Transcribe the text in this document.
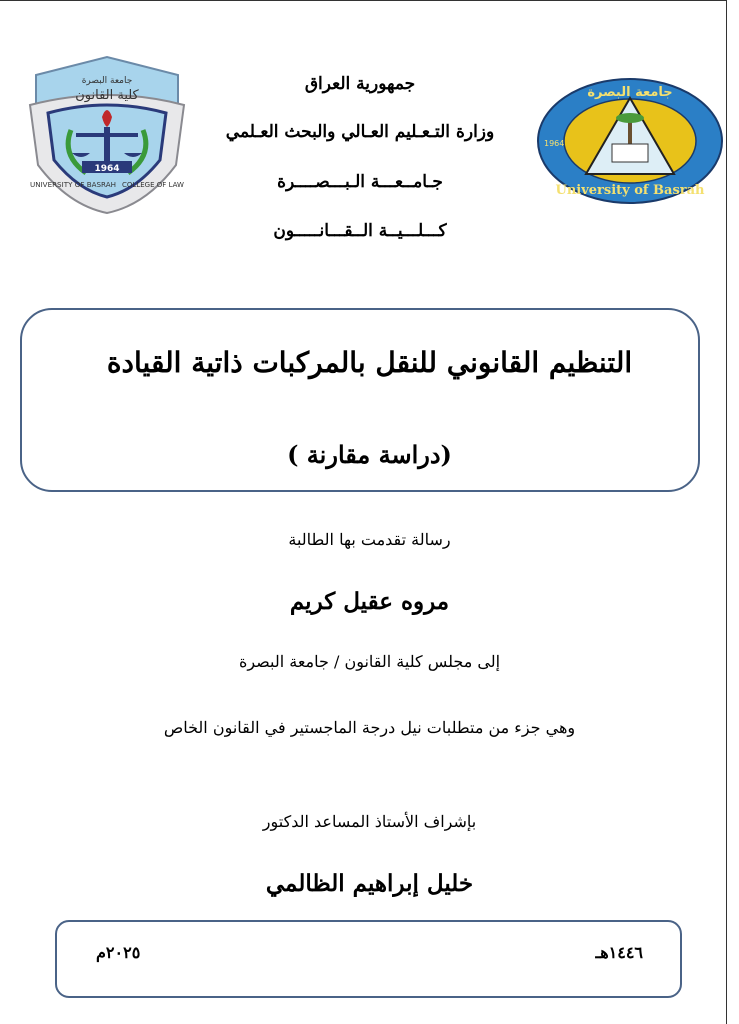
1964
جامعة البصرة
كلية القانون
UNIVERSITY OF BASRAH COLLEGE OF LAW
جامعة البصرة
University of Basrah
1964
جمهورية العراق
وزارة التـعـليم العـالي والبحث العـلمي
جـامــعـــة الـبـــصــــرة
كـــلـــيــة الــقـــانـــــون
التنظيم القانوني للنقل بالمركبات ذاتية القيادة
(دراسة مقارنة )
رسالة تقدمت بها الطالبة
مروه عقيل كريم
إلى مجلس كلية القانون / جامعة البصرة
وهي جزء من متطلبات نيل درجة الماجستير في القانون الخاص
بإشراف الأستاذ المساعد الدكتور
خليل إبراهيم الظالمي
١٤٤٦هـ
٢٠٢٥م
